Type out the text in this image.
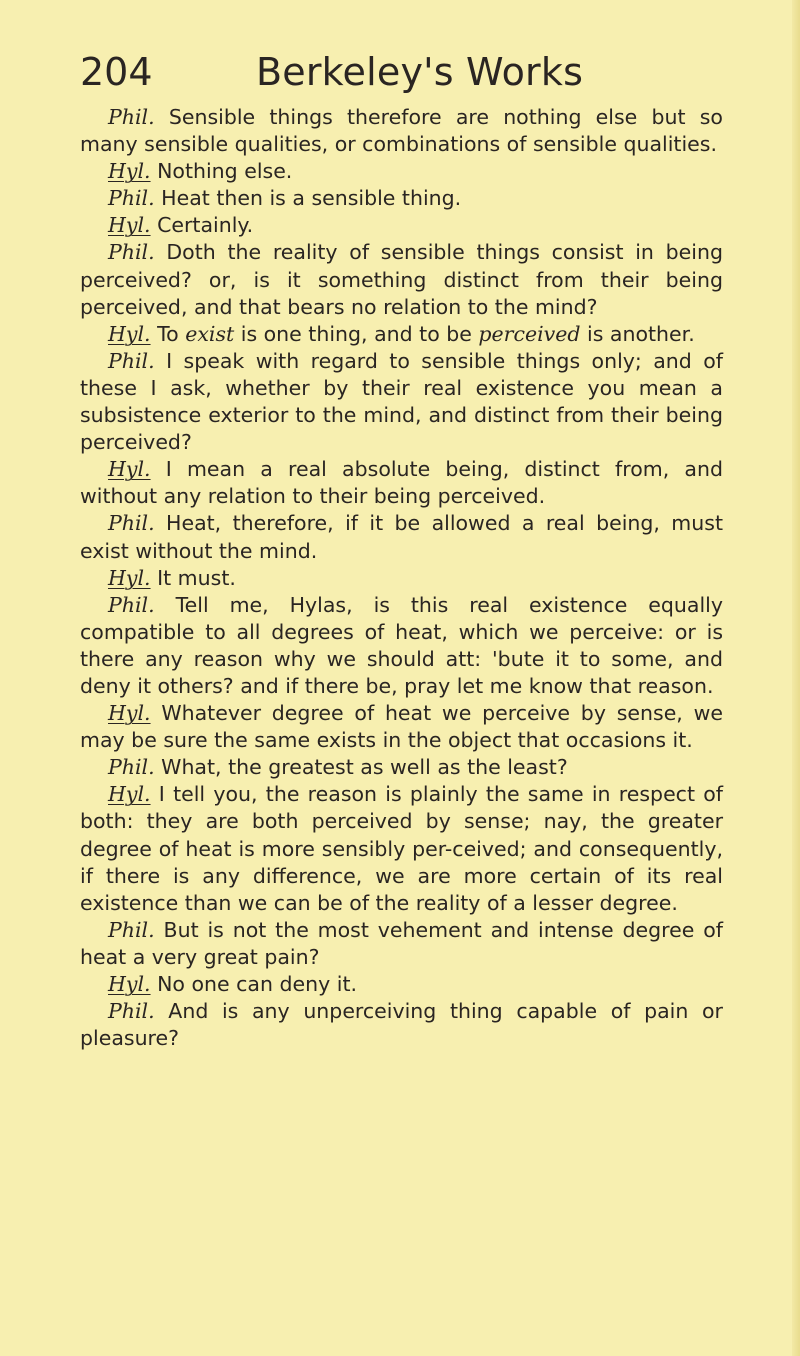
204	Berkeley's Works

Phil. Sensible things therefore are nothing else but so many sensible qualities, or combinations of sensible qualities.

Hyl. Nothing else.

Phil. Heat then is a sensible thing.

Hyl. Certainly.

Phil. Doth the reality of sensible things consist in being perceived? or, is it something distinct from their being perceived, and that bears no relation to the mind?

Hyl. To exist is one thing, and to be perceived is another.

Phil. I speak with regard to sensible things only; and of these I ask, whether by their real existence you mean a subsistence exterior to the mind, and distinct from their being perceived?

Hyl. I mean a real absolute being, distinct from, and without any relation to their being perceived.

Phil. Heat, therefore, if it be allowed a real being, must exist without the mind.

Hyl. It must.

Phil. Tell me, Hylas, is this real existence equally compatible to all degrees of heat, which we perceive: or is there any reason why we should att: 'bute it to some, and deny it others? and if there be, pray let me know that reason.

Hyl. Whatever degree of heat we perceive by sense, we may be sure the same exists in the object that occasions it.

Phil. What, the greatest as well as the least?

Hyl. I tell you, the reason is plainly the same in respect of both: they are both perceived by sense; nay, the greater degree of heat is more sensibly per-ceived; and consequently, if there is any difference, we are more certain of its real existence than we can be of the reality of a lesser degree.

Phil. But is not the most vehement and intense degree of heat a very great pain?

Hyl. No one can deny it.

Phil. And is any unperceiving thing capable of pain or pleasure?
